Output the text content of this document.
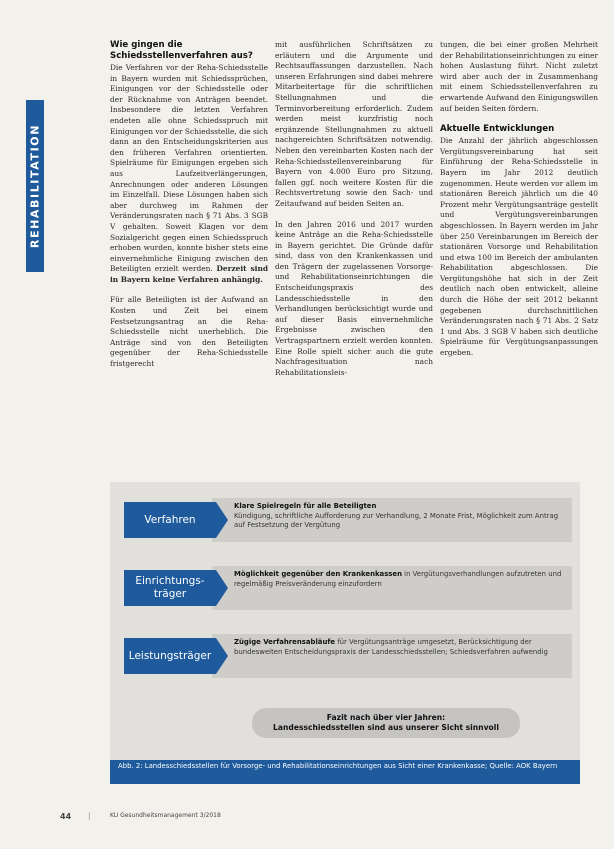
REHABILITATION
Wie gingen die Schiedsstellenverfahren aus?

Die Verfahren vor der Reha-Schiedsstelle in Bayern wurden mit Schiedssprüchen, Einigungen vor der Schiedsstelle oder der Rücknahme von Anträgen beendet. Insbesondere die letzten Verfahren endeten alle ohne Schiedsspruch mit Einigungen vor der Schiedsstelle, die sich dann an den Entscheidungskriterien aus den früheren Verfahren orientierten. Spielräume für Einigungen ergeben sich aus Laufzeitverlängerungen, Anrechnungen oder anderen Lösungen im Einzelfall. Diese Lösungen haben sich aber durchweg im Rahmen der Veränderungsraten nach § 71 Abs. 3 SGB V gehalten. Soweit Klagen vor dem Sozialgericht gegen einen Schiedsspruch erhoben wurden, konnte bisher stets eine einvernehmliche Einigung zwischen den Beteiligten erzielt werden. Derzeit sind in Bayern keine Verfahren anhängig.

Für alle Beteiligten ist der Aufwand an Kosten und Zeit bei einem Festsetzungsantrag an die Reha-Schiedsstelle nicht unerheblich. Die Anträge sind von den Beteiligten gegenüber der Reha-Schiedsstelle fristgerecht

mit ausführlichen Schriftsätzen zu erläutern und die Argumente und Rechtsauffassungen darzustellen. Nach unseren Erfahrungen sind dabei mehrere Mitarbeitertage für die schriftlichen Stellungnahmen und die Terminvorbereitung erforderlich. Zudem werden meist kurzfristig noch ergänzende Stellungnahmen zu aktuell nachgereichten Schriftsätzen notwendig. Neben den vereinbarten Kosten nach der Reha-Schiedsstellenvereinbarung für Bayern von 4.000 Euro pro Sitzung, fallen ggf. noch weitere Kosten für die Rechtsvertretung sowie den Sach- und Zeitaufwand auf beiden Seiten an.

In den Jahren 2016 und 2017 wurden keine Anträge an die Reha-Schiedsstelle in Bayern gerichtet. Die Gründe dafür sind, dass von den Krankenkassen und den Trägern der zugelassenen Vorsorge- und Rehabilitationseinrichtungen die Entscheidungspraxis des Landesschiedsstelle in den Verhandlungen berücksichtigt wurde und auf dieser Basis einvernehmliche Ergebnisse zwischen den Vertragspartnern erzielt werden konnten. Eine Rolle spielt sicher auch die gute Nachfragesituation nach Rehabilitationsleis-

tungen, die bei einer großen Mehrheit der Rehabilitationseinrichtungen zu einer hohen Auslastung führt. Nicht zuletzt wird aber auch der in Zusammenhang mit einem Schiedsstellenverfahren zu erwartende Aufwand den Einigungswillen auf beiden Seiten fördern.

Aktuelle Entwicklungen

Die Anzahl der jährlich abgeschlossen Vergütungsvereinbarung hat seit Einführung der Reha-Schiedsstelle in Bayern im Jahr 2012 deutlich zugenommen. Heute werden vor allem im stationären Bereich jährlich um die 40 Prozent mehr Vergütungsanträge gestellt und Vergütungsvereinbarungen abgeschlossen. In Bayern werden im Jahr über 250 Vereinbarungen im Bereich der stationären Vorsorge und Rehabilitation und etwa 100 im Bereich der ambulanten Rehabilitation abgeschlossen. Die Vergütungshöhe hat sich in der Zeit deutlich nach oben entwickelt, alleine durch die Höhe der seit 2012 bekannt gegebenen durchschnittlichen Veränderungsraten nach § 71 Abs. 2 Satz 1 und Abs. 3 SGB V haben sich deutliche Spielräume für Vergütungsanpassungen ergeben.

Verfahren
Klare Spielregeln für alle Beteiligten
Kündigung, schriftliche Aufforderung zur Verhandlung, 2 Monate Frist, Möglichkeit zum Antrag auf Festsetzung der Vergütung
Einrichtungs-träger
Möglichkeit gegenüber den Krankenkassen in Vergütungsverhandlungen aufzutreten und regelmäßig Preisveränderung einzufordern
Leistungsträger
Zügige Verfahrensabläufe für Vergütungsanträge umgesetzt, Berücksichtigung der bundesweiten Entscheidungspraxis der Landesschiedsstellen; Schiedsverfahren aufwendig
Fazit nach über vier Jahren:
Landesschiedsstellen sind aus unserer Sicht sinnvoll
Abb. 2: Landesschiedsstellen für Vorsorge- und Rehabilitationseinrichtungen aus Sicht einer Krankenkasse; Quelle: AOK Bayern
44 |	KU Gesundheitsmanagement 3/2018
